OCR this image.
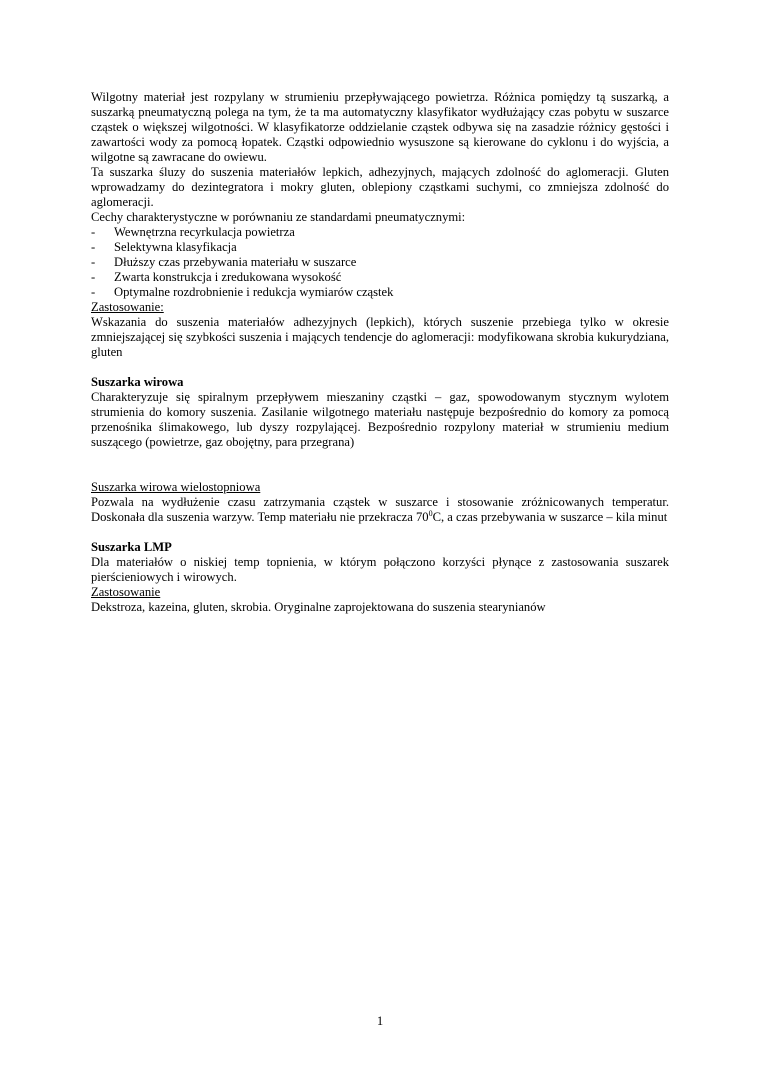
Wilgotny materiał jest rozpylany w strumieniu przepływającego powietrza. Różnica pomiędzy tą suszarką, a suszarką pneumatyczną polega na tym, że ta ma automatyczny klasyfikator wydłużający czas pobytu w suszarce cząstek o większej wilgotności. W klasyfikatorze oddzielanie cząstek odbywa się na zasadzie różnicy gęstości i zawartości wody za pomocą łopatek. Cząstki odpowiednio wysuszone są kierowane do cyklonu i do wyjścia, a wilgotne są zawracane do owiewu.

Ta suszarka śluzy do suszenia materiałów lepkich, adhezyjnych, mających zdolność do aglomeracji. Gluten wprowadzamy do dezintegratora i mokry gluten, oblepiony cząstkami suchymi, co zmniejsza zdolność do aglomeracji.

Cechy charakterystyczne w porównaniu ze standardami pneumatycznymi:

- Wewnętrzna recyrkulacja powietrza
- Selektywna klasyfikacja
- Dłuższy czas przebywania materiału w suszarce
- Zwarta konstrukcja i zredukowana wysokość
- Optymalne rozdrobnienie i redukcja wymiarów cząstek

Zastosowanie:

Wskazania do suszenia materiałów adhezyjnych (lepkich), których suszenie przebiega tylko w okresie zmniejszającej się szybkości suszenia i mających tendencje do aglomeracji: modyfikowana skrobia kukurydziana, gluten

Suszarka wirowa

Charakteryzuje się spiralnym przepływem mieszaniny cząstki – gaz, spowodowanym stycznym wylotem strumienia do komory suszenia. Zasilanie wilgotnego materiału następuje bezpośrednio do komory za pomocą przenośnika ślimakowego, lub dyszy rozpylającej. Bezpośrednio rozpylony materiał w strumieniu medium suszącego (powietrze, gaz obojętny, para przegrana)

Suszarka wirowa wielostopniowa

Pozwala na wydłużenie czasu zatrzymania cząstek w suszarce i stosowanie zróżnicowanych temperatur. Doskonała dla suszenia warzyw. Temp materiału nie przekracza $70^0C$, a czas przebywania w suszarce – kila minut

Suszarka LMP

Dla materiałów o niskiej temp topnienia, w którym połączono korzyści płynące z zastosowania suszarek pierścieniowych i wirowych.

Zastosowanie

Dekstroza, kazeina, gluten, skrobia. Oryginalne zaprojektowana do suszenia stearynianów

1
